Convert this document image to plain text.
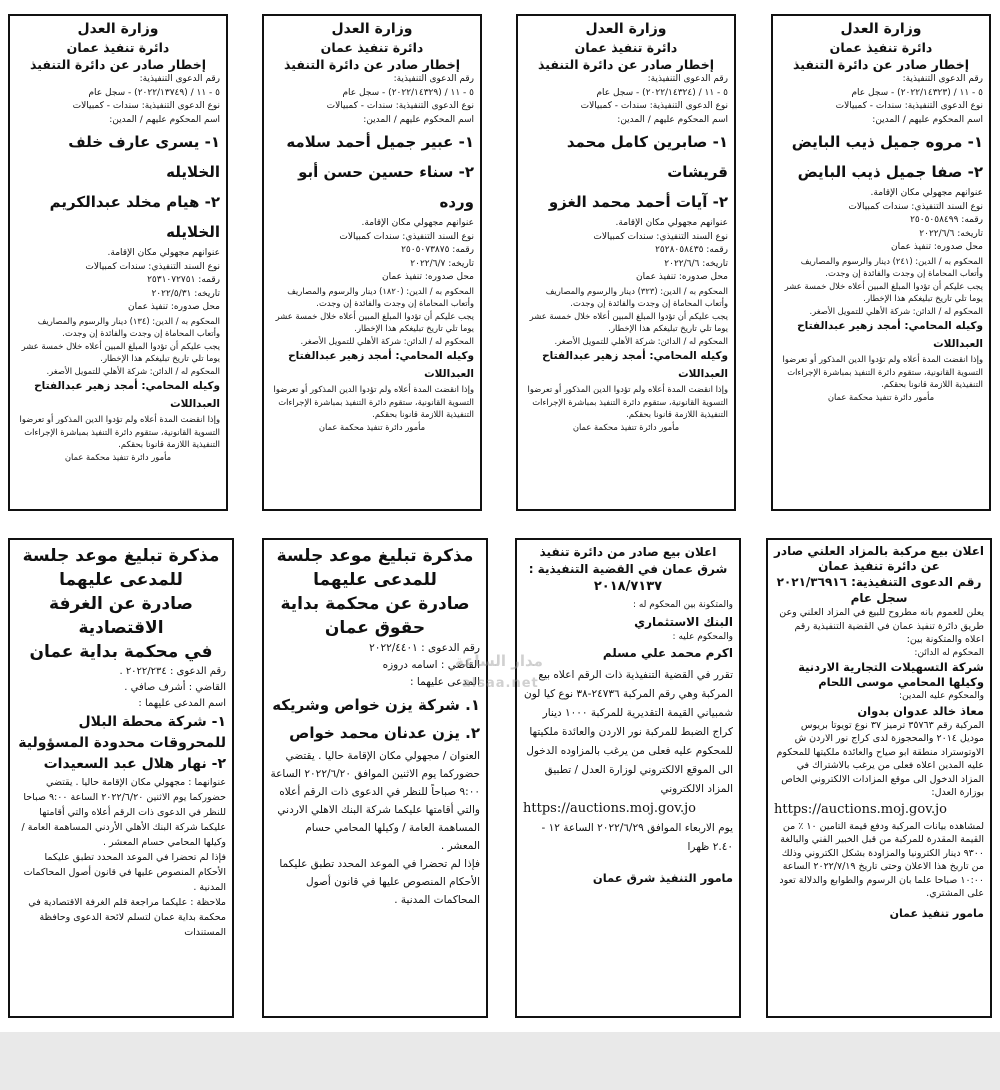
وزارة العدل
دائرة تنفيذ عمان
إخطار صادر عن دائرة التنفيذ
رقم الدعوى التنفيذية:
٥ - ١١ / (٢٠٢٢/١٤٣٢٣) - سجل عام
نوع الدعوى التنفيذية: سندات - كمبيالات
اسم المحكوم عليهم / المدين:
١- مروه جميل ذيب البايض
٢- صفا جميل ذيب البايض
عنوانهم مجهولي مكان الإقامة.
نوع السند التنفيذي: سندات كمبيالات
رقمه: ٢٥٠٥٠٥٨٤٩٩
تاريخه: ٢٠٢٢/٦/٦
محل صدوره: تنفيذ عمان
المحكوم به / الدين: (٢٤١) دينار والرسوم والمصاريف وأتعاب المحاماة إن وجدت والفائدة إن وجدت.
يجب عليكم أن تؤدوا المبلغ المبين أعلاه خلال خمسة عشر يوما تلي تاريخ تبليغكم هذا الإخطار.
المحكوم له / الدائن: شركة الأهلي للتمويل الأصغر.
وكيله المحامي: أمجد زهير عبدالفتاح العبداللات
وإذا انقضت المدة أعلاه ولم تؤدوا الدين المذكور أو تعرضوا التسوية القانونية، ستقوم دائرة التنفيذ بمباشرة الإجراءات التنفيذية اللازمة قانونا بحقكم.
مأمور دائرة تنفيذ محكمة عمان
وزارة العدل
دائرة تنفيذ عمان
إخطار صادر عن دائرة التنفيذ
رقم الدعوى التنفيذية:
٥ - ١١ / (٢٠٢٢/١٤٣٢٤) - سجل عام
نوع الدعوى التنفيذية: سندات - كمبيالات
اسم المحكوم عليهم / المدين:
١- صابرين كامل محمد قريشات
٢- آيات أحمد محمد الغزو
عنوانهم مجهولي مكان الإقامة.
نوع السند التنفيذي: سندات كمبيالات
رقمه: ٢٥٢٨٠٥٨٤٣٥
تاريخه: ٢٠٢٢/٦/٦
محل صدوره: تنفيذ عمان
المحكوم به / الدين: (٣٢٣) دينار والرسوم والمصاريف وأتعاب المحاماة إن وجدت والفائدة إن وجدت.
يجب عليكم أن تؤدوا المبلغ المبين أعلاه خلال خمسة عشر يوما تلي تاريخ تبليغكم هذا الإخطار.
المحكوم له / الدائن: شركة الأهلي للتمويل الأصغر.
وكيله المحامي: أمجد زهير عبدالفتاح العبداللات
وإذا انقضت المدة أعلاه ولم تؤدوا الدين المذكور أو تعرضوا التسوية القانونية، ستقوم دائرة التنفيذ بمباشرة الإجراءات التنفيذية اللازمة قانونا بحقكم.
مأمور دائرة تنفيذ محكمة عمان
وزارة العدل
دائرة تنفيذ عمان
إخطار صادر عن دائرة التنفيذ
رقم الدعوى التنفيذية:
٥ - ١١ / (٢٠٢٢/١٤٣٢٩) - سجل عام
نوع الدعوى التنفيذية: سندات - كمبيالات
اسم المحكوم عليهم / المدين:
١- عبير جميل أحمد سلامه
٢- سناء حسين حسن أبو ورده
عنوانهم مجهولي مكان الإقامة.
نوع السند التنفيذي: سندات كمبيالات
رقمه: ٢٥٠٥٠٧٣٨٧٥
تاريخه: ٢٠٢٢/٦/٧
محل صدوره: تنفيذ عمان
المحكوم به / الدين: (١٨٢٠) دينار والرسوم والمصاريف وأتعاب المحاماة إن وجدت والفائدة إن وجدت.
يجب عليكم أن تؤدوا المبلغ المبين أعلاه خلال خمسة عشر يوما تلي تاريخ تبليغكم هذا الإخطار.
المحكوم له / الدائن: شركة الأهلي للتمويل الأصغر.
وكيله المحامي: أمجد زهير عبدالفتاح العبداللات
وإذا انقضت المدة أعلاه ولم تؤدوا الدين المذكور أو تعرضوا التسوية القانونية، ستقوم دائرة التنفيذ بمباشرة الإجراءات التنفيذية اللازمة قانونا بحقكم.
مأمور دائرة تنفيذ محكمة عمان
وزارة العدل
دائرة تنفيذ عمان
إخطار صادر عن دائرة التنفيذ
رقم الدعوى التنفيذية:
٥ - ١١ / (٢٠٢٢/١٣٧٤٩) - سجل عام
نوع الدعوى التنفيذية: سندات - كمبيالات
اسم المحكوم عليهم / المدين:
١- يسرى عارف خلف الخلايله
٢- هيام مخلد عبدالكريم الخلايله
عنوانهم مجهولي مكان الإقامة.
نوع السند التنفيذي: سندات كمبيالات
رقمه: ٢٥٣١٠٧٢٧٥١
تاريخه: ٢٠٢٢/٥/٣١
محل صدوره: تنفيذ عمان
المحكوم به / الدين: (١٣٤) دينار والرسوم والمصاريف وأتعاب المحاماة إن وجدت والفائدة إن وجدت.
يجب عليكم أن تؤدوا المبلغ المبين أعلاه خلال خمسة عشر يوما تلي تاريخ تبليغكم هذا الإخطار.
المحكوم له / الدائن: شركة الأهلي للتمويل الأصغر.
وكيله المحامي: أمجد زهير عبدالفتاح العبداللات
وإذا انقضت المدة أعلاه ولم تؤدوا الدين المذكور أو تعرضوا التسوية القانونية، ستقوم دائرة التنفيذ بمباشرة الإجراءات التنفيذية اللازمة قانونا بحقكم.
مأمور دائرة تنفيذ محكمة عمان
اعلان بيع مركبة بالمزاد العلني صادر عن دائرة تنفيذ عمان
رقم الدعوى التنفيذية: ٢٠٢١/٣٦٩١٦
سجل عام
يعلن للعموم بانه مطروح للبيع في المزاد العلني وعن طريق دائرة تنفيذ عمان في القضية التنفيذية رقم اعلاه والمتكونة بين:
المحكوم له الدائن:
شركة التسهيلات التجارية الاردنية وكيلها المحامي موسى اللحام
والمحكوم عليه المدين:
معاذ خالد عدوان بدوان
المركبة رقم ٣٥٧٦٣ ترميز ٣٧ نوع تويوتا بريوس موديل ٢٠١٤ والمحجوزة لدى كراج نور الاردن ش الاوتوستراد منطقة ابو صياح والعائدة ملكيتها للمحكوم عليه المدين اعلاه فعلى من يرغب بالاشتراك في المزاد الدخول الى موقع المزادات الالكتروني الخاص بوزارة العدل:
https://auctions.moj.gov.jo
لمشاهده بيانات المركبة ودفع قيمة التامين ١٠ ٪ من القيمة المقدرة للمركبة من قبل الخبير الفني والبالغة ٩٣٠٠ دينار الكترونيا والمزاودة بشكل الكتروني وذلك من تاريخ هذا الاعلان وحتى تاريخ ٢٠٢٢/٧/١٩ الساعة ١٠:٠٠ صباحا علما بان الرسوم والطوابع والدلالة تعود على المشتري.
مامور تنفيذ عمان
اعلان بيع صادر من دائرة تنفيذ
شرق عمان في القضية التنفيذية :
٢٠١٨/٧١٣٧
والمتكونة بين المحكوم له :
البنك الاستثماري
والمحكوم عليه :
اكرم محمد علي مسلم
تقرر في القضية التنفيذية ذات الرقم اعلاه بيع المركبة وهي رقم المركبة ٢٤٧٣٦-٣٨ نوع كيا لون شمبياني القيمة التقديرية للمركبة ١٠٠٠ دينار كراج الضبط للمركبة نور الاردن والعائدة ملكيتها للمحكوم عليه فعلى من يرغب بالمزاوده الدخول الى الموقع الالكتروني لوزارة العدل / تطبيق المزاد الالكتروني
https://auctions.moj.gov.jo
يوم الاربعاء الموافق ٢٠٢٢/٦/٢٩ الساعة ١٢ - ٢.٤٠ ظهرا
مامور التنفيذ شرق عمان
مذكرة تبليغ موعد جلسة
للمدعى عليهما
صادرة عن محكمة بداية
حقوق عمان
رقم الدعوى : ٢٠٢٢/٤٤٠١
القاضي : اسامه دروزه
المدعى عليهما :
١. شركة يزن خواص وشريكه
٢. يزن عدنان محمد خواص
العنوان / مجهولي مكان الإقامة حاليا . يقتضي حضوركما يوم الاثنين الموافق ٢٠٢٢/٦/٢٠ الساعة ٩:٠٠ صباحاً للنظر في الدعوى ذات الرقم أعلاه والتي أقامتها عليكما شركة البنك الاهلي الاردني المساهمة العامة / وكيلها المحامي حسام المعشر .
فإذا لم تحضرا في الموعد المحدد تطبق عليكما الأحكام المنصوص عليها في قانون أصول المحاكمات المدنية .
مذكرة تبليغ موعد جلسة
للمدعى عليهما
صادرة عن الغرفة الاقتصادية
في محكمة بداية عمان
رقم الدعوى : ٢٠٢٢/٢٣٤ .
القاضي : أشرف صافي .
اسم المدعى عليهما :
١- شركة محطة البلال للمحروقات محدودة المسؤولية
٢- نهار هلال عبد السعيدات
عنوانهما : مجهولي مكان الإقامة حاليا . يقتضي حضوركما يوم الاثنين ٢٠٢٢/٦/٢٠ الساعة ٩:٠٠ صباحا للنظر في الدعوى ذات الرقم أعلاه والتي أقامتها عليكما شركة البنك الأهلي الأردني المساهمة العامة / وكيلها المحامي حسام المعشر .
فإذا لم تحضرا في الموعد المحدد تطبق عليكما الأحكام المنصوص عليها في قانون أصول المحاكمات المدنية .
ملاحظة : عليكما مراجعة قلم الغرفة الاقتصادية في محكمة بداية عمان لتسلم لائحة الدعوى وحافظة المستندات
مدار الساعة
alsaa.net
